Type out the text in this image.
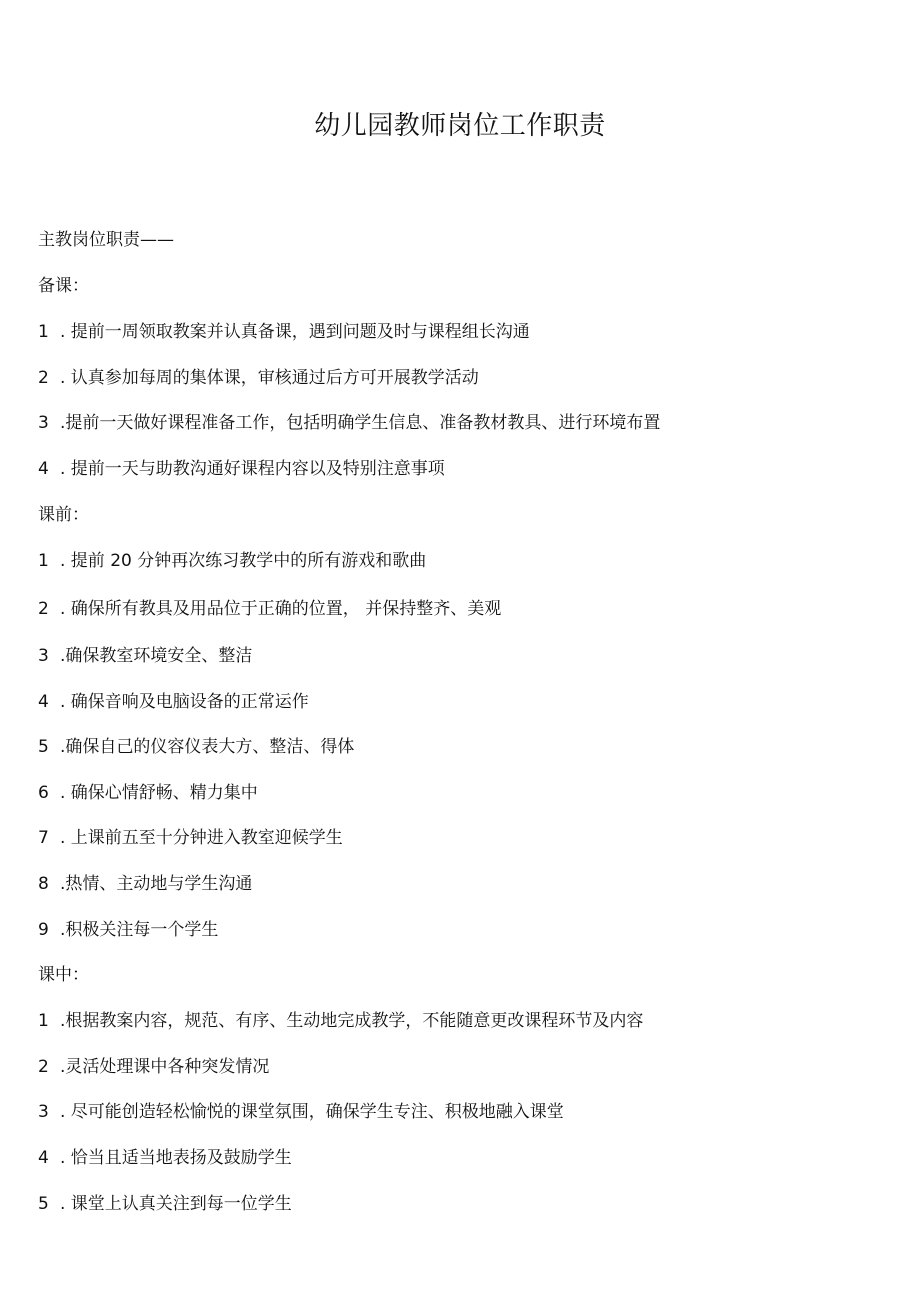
幼儿园教师岗位工作职责
主教岗位职责——
备课：
1 . 提前一周领取教案并认真备课，遇到问题及时与课程组长沟通
2 . 认真参加每周的集体课，审核通过后方可开展教学活动
3 .提前一天做好课程准备工作，包括明确学生信息、准备教材教具、进行环境布置
4 . 提前一天与助教沟通好课程内容以及特别注意事项
课前：
1 . 提前 20 分钟再次练习教学中的所有游戏和歌曲
2 . 确保所有教具及用品位于正确的位置， 并保持整齐、美观
3 .确保教室环境安全、整洁
4 . 确保音响及电脑设备的正常运作
5 .确保自己的仪容仪表大方、整洁、得体
6 . 确保心情舒畅、精力集中
7 . 上课前五至十分钟进入教室迎候学生
8 .热情、主动地与学生沟通
9 .积极关注每一个学生
课中：
1 .根据教案内容，规范、有序、生动地完成教学，不能随意更改课程环节及内容
2 .灵活处理课中各种突发情况
3 . 尽可能创造轻松愉悦的课堂氛围，确保学生专注、积极地融入课堂
4 . 恰当且适当地表扬及鼓励学生
5 . 课堂上认真关注到每一位学生
